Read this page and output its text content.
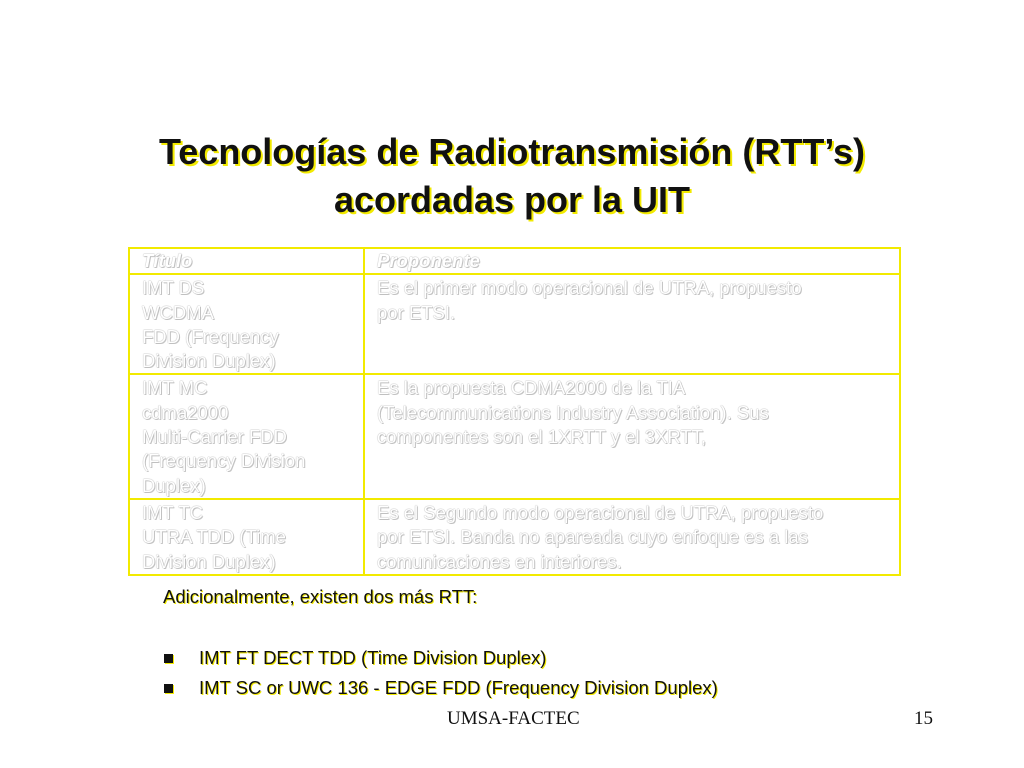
Tecnologías de Radiotransmisión (RTT’s)
acordadas por la UIT
Título	Proponente

IMT DS
WCDMA
FDD (Frequency
Division Duplex)	Es el primer modo operacional de UTRA, propuesto
por ETSI.

IMT MC
cdma2000
Multi-Carrier FDD
(Frequency Division
Duplex)	Es la propuesta CDMA2000 de la TIA
(Telecommunications Industry Association). Sus
componentes son el 1XRTT y el 3XRTT,

IMT TC
UTRA TDD (Time
Division Duplex)	Es el Segundo modo operacional de UTRA, propuesto
por ETSI. Banda no apareada cuyo enfoque es a las
comunicaciones en interiores.
Adicionalmente, existen dos más RTT:
IMT FT DECT TDD (Time Division Duplex)
IMT SC or UWC 136 - EDGE FDD (Frequency Division Duplex)
UMSA-FACTEC	15
